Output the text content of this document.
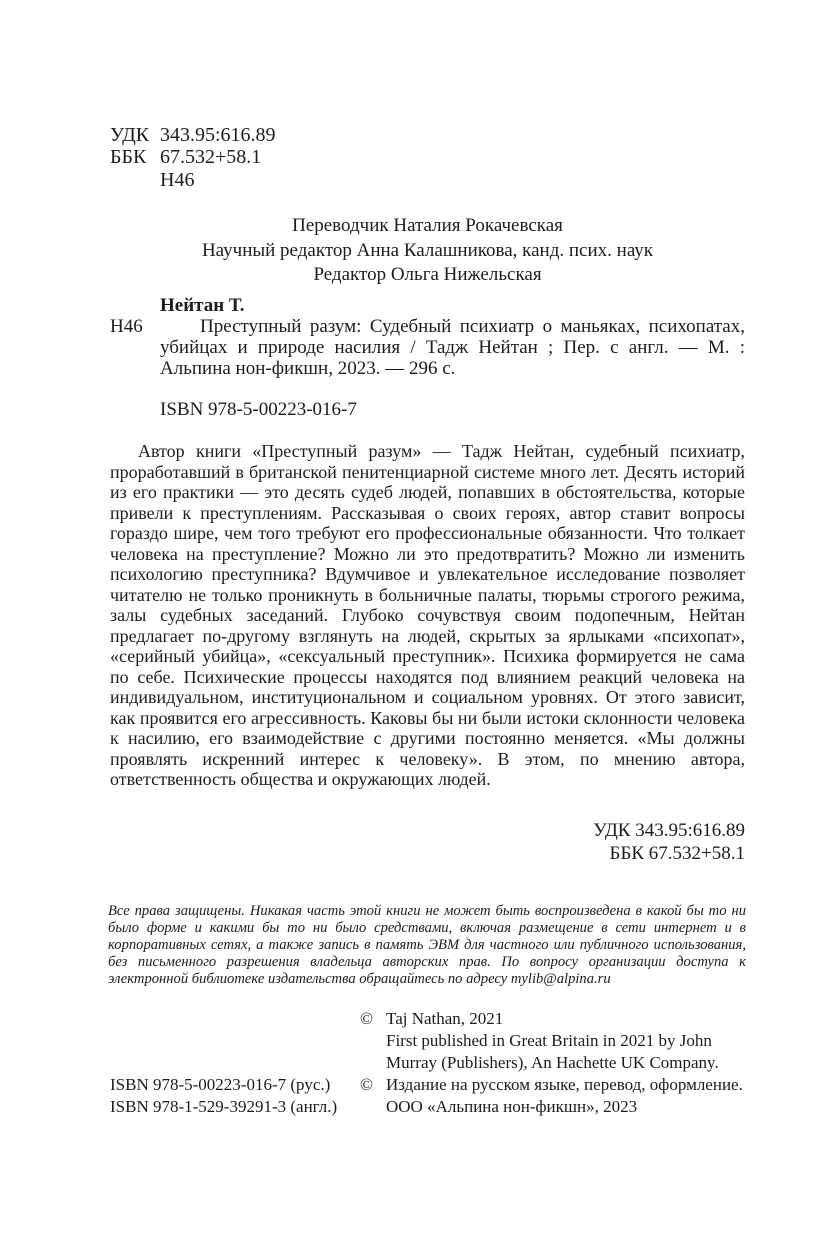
УДК 343.95:616.89
ББК 67.532+58.1
Н46
Переводчик Наталия Рокачевская
Научный редактор Анна Калашникова, канд. псих. наук
Редактор Ольга Нижельская
Нейтан Т.
Н46	Преступный разум: Судебный психиатр о маньяках, психопатах, убийцах и природе насилия / Тадж Нейтан ; Пер. с англ. — М. : Альпина нон-фикшн, 2023. — 296 с.
ISBN 978-5-00223-016-7
Автор книги «Преступный разум» — Тадж Нейтан, судебный психиатр, проработавший в британской пенитенциарной системе много лет. Десять историй из его практики — это десять судеб людей, попавших в обстоятельства, которые привели к преступлениям. Рассказывая о своих героях, автор ставит вопросы гораздо шире, чем того требуют его профессиональные обязанности. Что толкает человека на преступление? Можно ли это предотвратить? Можно ли изменить психологию преступника? Вдумчивое и увлекательное исследование позволяет читателю не только проникнуть в больничные палаты, тюрьмы строгого режима, залы судебных заседаний. Глубоко сочувствуя своим подопечным, Нейтан предлагает по-другому взглянуть на людей, скрытых за ярлыками «психопат», «серийный убийца», «сексуальный преступник». Психика формируется не сама по себе. Психические процессы находятся под влиянием реакций человека на индивидуальном, институциональном и социальном уровнях. От этого зависит, как проявится его агрессивность. Каковы бы ни были истоки склонности человека к насилию, его взаимодействие с другими постоянно меняется. «Мы должны проявлять искренний интерес к человеку». В этом, по мнению автора, ответственность общества и окружающих людей.
УДК 343.95:616.89
ББК 67.532+58.1
Все права защищены. Никакая часть этой книги не может быть воспроизведена в какой бы то ни было форме и какими бы то ни было средствами, включая размещение в сети интернет и в корпоративных сетях, а также запись в память ЭВМ для частного или публичного использования, без письменного разрешения владельца авторских прав. По вопросу организации доступа к электронной библиотеке издательства обращайтесь по адресу mylib@alpina.ru
© Taj Nathan, 2021
First published in Great Britain in 2021 by John
Murray (Publishers), An Hachette UK Company.
© Издание на русском языке, перевод, оформление.
ООО «Альпина нон-фикшн», 2023
ISBN 978-5-00223-016-7 (рус.)
ISBN 978-1-529-39291-3 (англ.)
